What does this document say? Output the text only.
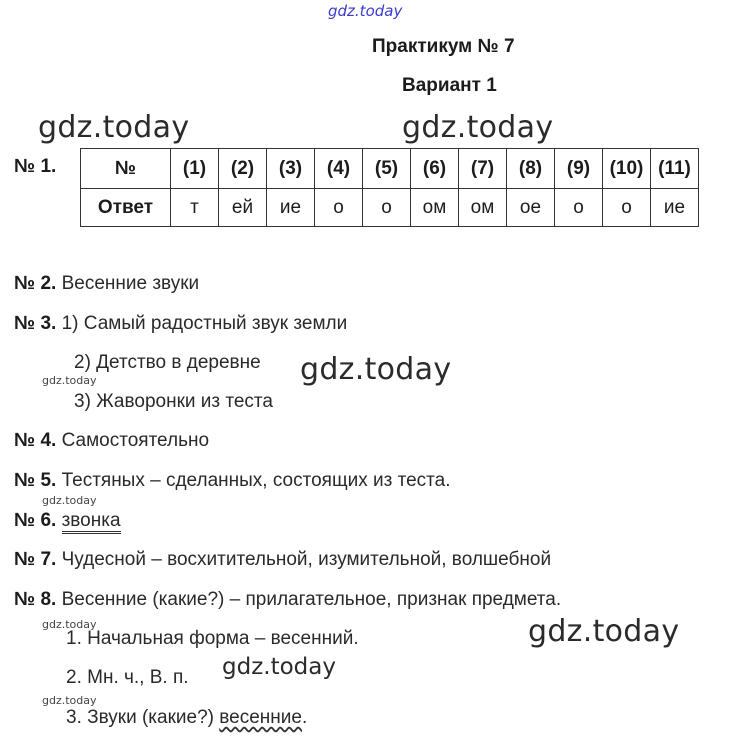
gdz.today
gdz.today	gdz.today
gdz.today
gdz.today
gdz.today
gdz.today	gdz.today
gdz.today
gdz.today
Практикум № 7
Вариант 1
№ 1.	№	(1)	(2)	(3)	(4)	(5)	(6)	(7)	(8)	(9)	(10)	(11)
Ответ	т	ей	ие	о	о	ом	ом	ое	о	о	ие
№ 2. Весенние звуки
№ 3. 1) Самый радостный звук земли
2) Детство в деревне
3) Жаворонки из теста
№ 4. Самостоятельно
№ 5. Тестяных – сделанных, состоящих из теста.
№ 6. звонка
№ 7. Чудесной – восхитительной, изумительной, волшебной
№ 8. Весенние (какие?) – прилагательное, признак предмета.
1. Начальная форма – весенний.
2. Мн. ч., В. п.
3. Звуки (какие?) весенние.
